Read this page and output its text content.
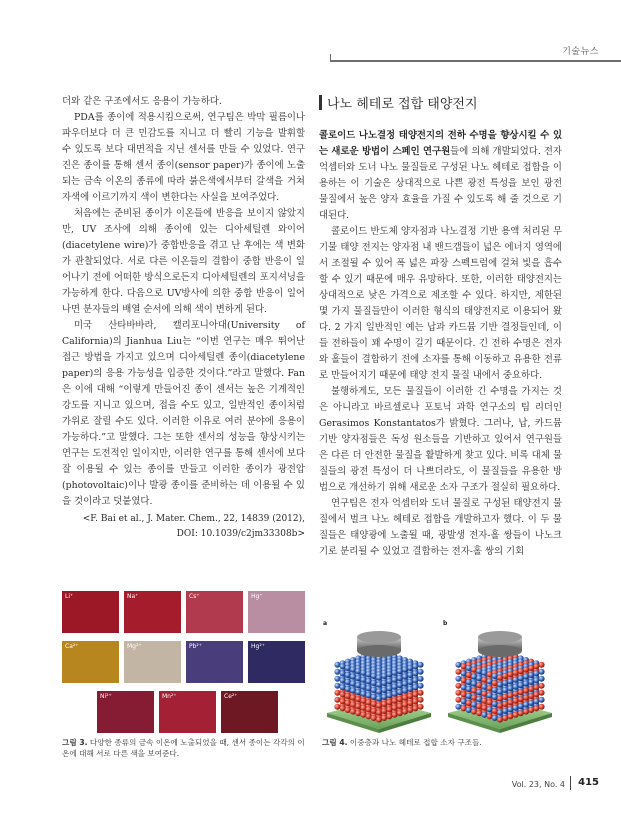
기술뉴스

더와 같은 구조에서도 응용이 가능하다.

PDA를 종이에 적용시킴으로써, 연구팀은 박막 필름이나 파우더보다 더 큰 민감도를 지니고 더 빨리 기능을 발휘할 수 있도록 보다 대면적을 지닌 센서를 만들 수 있었다. 연구진은 종이를 통해 센서 종이(sensor paper)가 종이에 노출되는 금속 이온의 종류에 따라 붉은색에서부터 갈색을 거쳐 자색에 이르기까지 색이 변한다는 사실을 보여주었다.

처음에는 준비된 종이가 이온들에 반응을 보이지 않았지만, UV 조사에 의해 종이에 있는 디아세틸렌 와이어(diacetylene wire)가 중합반응을 겪고 난 후에는 색 변화가 관찰되었다. 서로 다른 이온들의 결합이 중합 반응이 일어나기 전에 어떠한 방식으로든지 디아세틸렌의 포지셔닝을 가능하게 한다. 다음으로 UV방사에 의한 중합 반응이 일어나면 분자들의 배열 순서에 의해 색이 변하게 된다.

미국 산타바바라, 캘리포니아대(University of California)의 Jianhua Liu는 “이번 연구는 매우 뛰어난 접근 방법을 가지고 있으며 디아세틸렌 종이(diacetylene paper)의 응용 가능성을 입증한 것이다.”라고 말했다. Fan은 이에 대해 “이렇게 만들어진 종이 센서는 높은 기계적인 강도를 지니고 있으며, 접을 수도 있고, 일반적인 종이처럼 가위로 잘릴 수도 있다. 이러한 이유로 여러 분야에 응용이 가능하다.”고 말했다. 그는 또한 센서의 성능을 향상시키는 연구는 도전적인 일이지만, 이러한 연구를 통해 센서에 보다 잘 이용될 수 있는 종이를 만들고 이러한 종이가 광전압(photovoltaic)이나 발광 종이를 준비하는 데 이용될 수 있을 것이라고 덧붙였다.

<F. Bai et al., J. Mater. Chem., 22, 14839 (2012),
DOI: 10.1039/c2jm33308b>
나노 헤테로 접합 태양전지

콜로이드 나노결정 태양전지의 전하 수명을 향상시킬 수 있는 새로운 방법이 스페인 연구원들에 의해 개발되었다. 전자 억셉터와 도너 나노 물질들로 구성된 나노 헤테로 접합을 이용하는 이 기술은 상대적으로 나쁜 광전 특성을 보인 광전 물질에서 높은 양자 효율을 가질 수 있도록 해 줄 것으로 기대된다.

콜로이드 반도체 양자점과 나노결정 기반 용액 처리된 무기물 태양 전지는 양자점 내 밴드갭들이 넓은 에너지 영역에서 조절될 수 있어 폭 넓은 파장 스펙트럼에 걸쳐 빛을 흡수할 수 있기 때문에 매우 유망하다. 또한, 이러한 태양전지는 상대적으로 낮은 가격으로 제조할 수 있다. 하지만, 제한된 몇 가지 물질들만이 이러한 형식의 태양전지로 이용되어 왔다. 2 가지 일반적인 예는 납과 카드뮴 기반 결정들인데, 이들 전하들이 꽤 수명이 길기 때문이다. 긴 전하 수명은 전자와 홀들이 결합하기 전에 소자를 통해 이동하고 유용한 전류로 만들어지기 때문에 태양 전지 물질 내에서 중요하다.

불행하게도, 모든 물질들이 이러한 긴 수명을 가지는 것은 아니라고 바르셀로나 포토닉 과학 연구소의 팀 리더인 Gerasimos Konstantatos가 밝혔다. 그러나, 납, 카드뮴 기반 양자점들은 독성 원소들을 기반하고 있어서 연구원들은 다른 더 안전한 물질을 활발하게 찾고 있다. 비록 대체 물질들의 광전 특성이 더 나쁘더라도, 이 물질들을 유용한 방법으로 개선하기 위해 새로운 소자 구조가 절실히 필요하다.

연구팀은 전자 억셉터와 도너 물질로 구성된 태양전지 물질에서 벌크 나노 헤테로 접합을 개발하고자 했다. 이 두 물질들은 태양광에 노출될 때, 광발생 전자-홀 쌍들이 나노크기로 분리될 수 있었고 결합하는 전자-홀 쌍의 기회

Li⁺	Na⁺	Cs⁺	Hg⁺
Ca²⁺	Mg²⁺	Pb²⁺	Hg²⁺
Ni²⁺	Mn²⁺	Ce²⁺
그림 3. 다양한 종류의 금속 이온에 노출되었을 때, 센서 종이는 각각의 이온에 대해 서로 다른 색을 보여준다.
a	b
그림 4. 이중층과 나노 헤테로 접합 소자 구조들.
Vol. 23, No. 4 415
